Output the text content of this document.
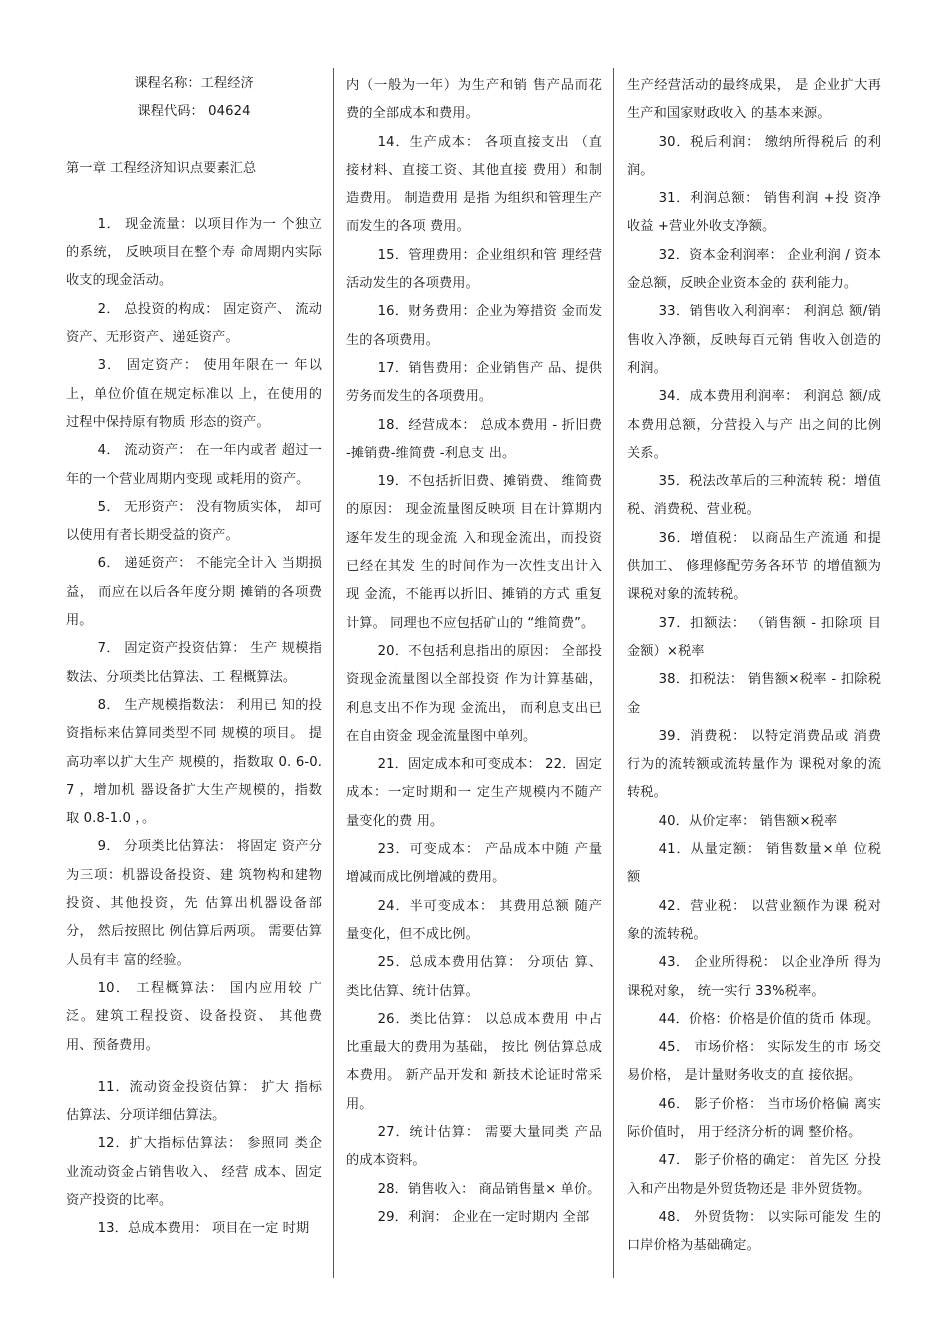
课程名称：工程经济
课程代码： 04624
第一章 工程经济知识点要素汇总

1． 现金流量：以项目作为一 个独立的系统， 反映项目在整个寿 命周期内实际收支的现金活动。

2． 总投资的构成： 固定资产、 流动资产、无形资产、递延资产。

3． 固定资产： 使用年限在一 年以上，单位价值在规定标准以 上，在使用的过程中保持原有物质 形态的资产。

4． 流动资产： 在一年内或者 超过一年的一个营业周期内变现 或耗用的资产。

5． 无形资产： 没有物质实体， 却可以使用有者长期受益的资产。

6． 递延资产： 不能完全计入 当期损益， 而应在以后各年度分期 摊销的各项费用。

7． 固定资产投资估算： 生产 规模指数法、分项类比估算法、工 程概算法。

8． 生产规模指数法： 利用已 知的投资指标来估算同类型不同 规模的项目。 提高功率以扩大生产 规模的，指数取 0. 6-0.7 ，增加机 器设备扩大生产规模的，指数取 0.8-1.0 ，。

9． 分项类比估算法： 将固定 资产分为三项：机器设备投资、建 筑物构和建物投资、其他投资，先 估算出机器设备部分， 然后按照比 例估算后两项。 需要估算人员有丰 富的经验。

10． 工程概算法： 国内应用较 广泛。建筑工程投资、设备投资、 其他费用、预备费用。

11．流动资金投资估算： 扩大 指标估算法、分项详细估算法。

12．扩大指标估算法： 参照同 类企业流动资金占销售收入、 经营 成本、固定资产投资的比率。

13．总成本费用： 项目在一定 时期

内（一般为一年）为生产和销 售产品而花费的全部成本和费用。

14．生产成本： 各项直接支出 （直接材料、直接工资、其他直接 费用）和制造费用。 制造费用 是指 为组织和管理生产而发生的各项 费用。

15．管理费用：企业组织和管 理经营活动发生的各项费用。

16．财务费用：企业为筹措资 金而发生的各项费用。

17．销售费用：企业销售产 品、提供劳务而发生的各项费用。

18．经营成本： 总成本费用 - 折旧费 -摊销费-维简费 -利息支 出。

19．不包括折旧费、摊销费、 维简费的原因： 现金流量图反映项 目在计算期内逐年发生的现金流 入和现金流出，而投资已经在其发 生的时间作为一次性支出计入现 金流，不能再以折旧、摊销的方式 重复计算。 同理也不应包括矿山的 “维简费”。

20．不包括利息指出的原因： 全部投资现金流量图以全部投资 作为计算基础，利息支出不作为现 金流出， 而利息支出已在自由资金 现金流量图中单列。

21．固定成本和可变成本： 22．固定成本：一定时期和一 定生产规模内不随产量变化的费 用。

23．可变成本： 产品成本中随 产量增减而成比例增减的费用。

24．半可变成本： 其费用总额 随产量变化，但不成比例。

25．总成本费用估算： 分项估 算、类比估算、统计估算。

26．类比估算： 以总成本费用 中占比重最大的费用为基础， 按比 例估算总成本费用。 新产品开发和 新技术论证时常采用。

27．统计估算： 需要大量同类 产品的成本资料。

28．销售收入： 商品销售量× 单价。

29．利润： 企业在一定时期内 全部

生产经营活动的最终成果， 是 企业扩大再生产和国家财政收入 的基本来源。

30．税后利润： 缴纳所得税后 的利润。

31．利润总额： 销售利润 +投 资净收益 +营业外收支净额。

32．资本金利润率： 企业利润 / 资本金总额，反映企业资本金的 获利能力。

33．销售收入利润率： 利润总 额/销售收入净额，反映每百元销 售收入创造的利润。

34．成本费用利润率： 利润总 额/成本费用总额，分营投入与产 出之间的比例关系。

35．税法改革后的三种流转 税：增值税、消费税、营业税。

36．增值税： 以商品生产流通 和提供加工、 修理修配劳务各环节 的增值额为课税对象的流转税。

37．扣额法： （销售额 - 扣除项 目金额）×税率

38．扣税法： 销售额×税率 - 扣除税金

39．消费税： 以特定消费品或 消费行为的流转额或流转量作为 课税对象的流转税。

40．从价定率： 销售额×税率

41．从量定额： 销售数量×单 位税额

42．营业税： 以营业额作为课 税对象的流转税。

43． 企业所得税： 以企业净所 得为课税对象， 统一实行 33%税率。

44．价格：价格是价值的货币 体现。

45． 市场价格： 实际发生的市 场交易价格， 是计量财务收支的直 接依据。

46． 影子价格： 当市场价格偏 离实际价值时， 用于经济分析的调 整价格。

47． 影子价格的确定： 首先区 分投入和产出物是外贸货物还是 非外贸货物。

48． 外贸货物： 以实际可能发 生的口岸价格为基础确定。
